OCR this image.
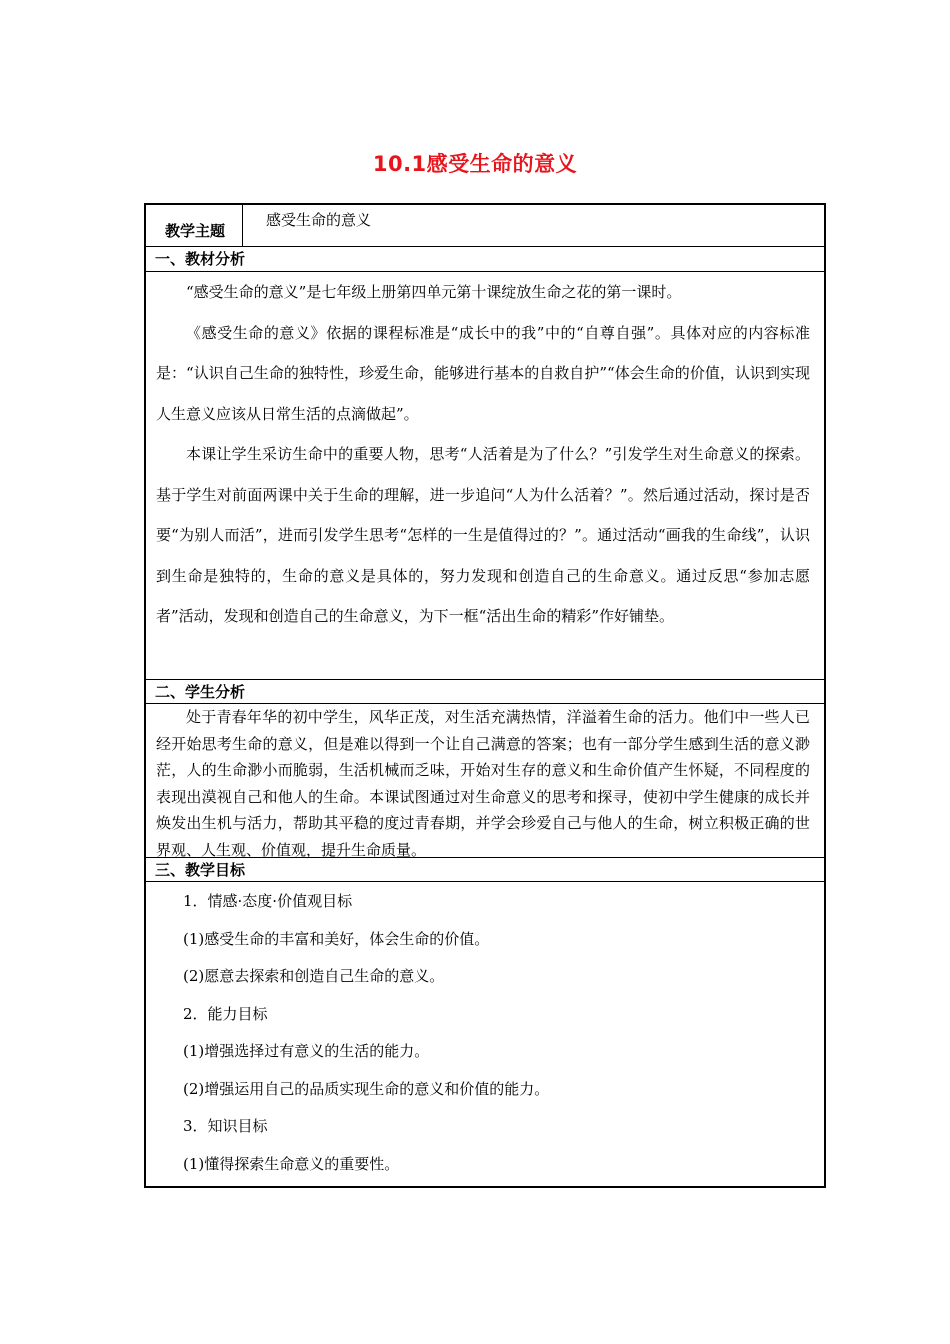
10.1感受生命的意义
教学主题
感受生命的意义
一、教材分析

“感受生命的意义”是七年级上册第四单元第十课绽放生命之花的第一课时。

《感受生命的意义》依据的课程标准是“成长中的我”中的“自尊自强”。具体对应的内容标准是：“认识自己生命的独特性，珍爱生命，能够进行基本的自救自护”“体会生命的价值，认识到实现人生意义应该从日常生活的点滴做起”。

本课让学生采访生命中的重要人物，思考“人活着是为了什么？”引发学生对生命意义的探索。基于学生对前面两课中关于生命的理解，进一步追问“人为什么活着？”。然后通过活动，探讨是否要“为别人而活”，进而引发学生思考“怎样的一生是值得过的？”。通过活动“画我的生命线”，认识到生命是独特的，生命的意义是具体的，努力发现和创造自己的生命意义。通过反思“参加志愿者”活动，发现和创造自己的生命意义，为下一框“活出生命的精彩”作好铺垫。

二、学生分析

处于青春年华的初中学生，风华正茂，对生活充满热情，洋溢着生命的活力。他们中一些人已经开始思考生命的意义，但是难以得到一个让自己满意的答案；也有一部分学生感到生活的意义渺茫，人的生命渺小而脆弱，生活机械而乏味，开始对生存的意义和生命价值产生怀疑，不同程度的表现出漠视自己和他人的生命。本课试图通过对生命意义的思考和探寻，使初中学生健康的成长并焕发出生机与活力，帮助其平稳的度过青春期，并学会珍爱自己与他人的生命，树立积极正确的世界观、人生观、价值观，提升生命质量。

三、教学目标
1．情感·态度·价值观目标
(1)感受生命的丰富和美好，体会生命的价值。
(2)愿意去探索和创造自己生命的意义。
2．能力目标
(1)增强选择过有意义的生活的能力。
(2)增强运用自己的品质实现生命的意义和价值的能力。
3．知识目标
(1)懂得探索生命意义的重要性。
